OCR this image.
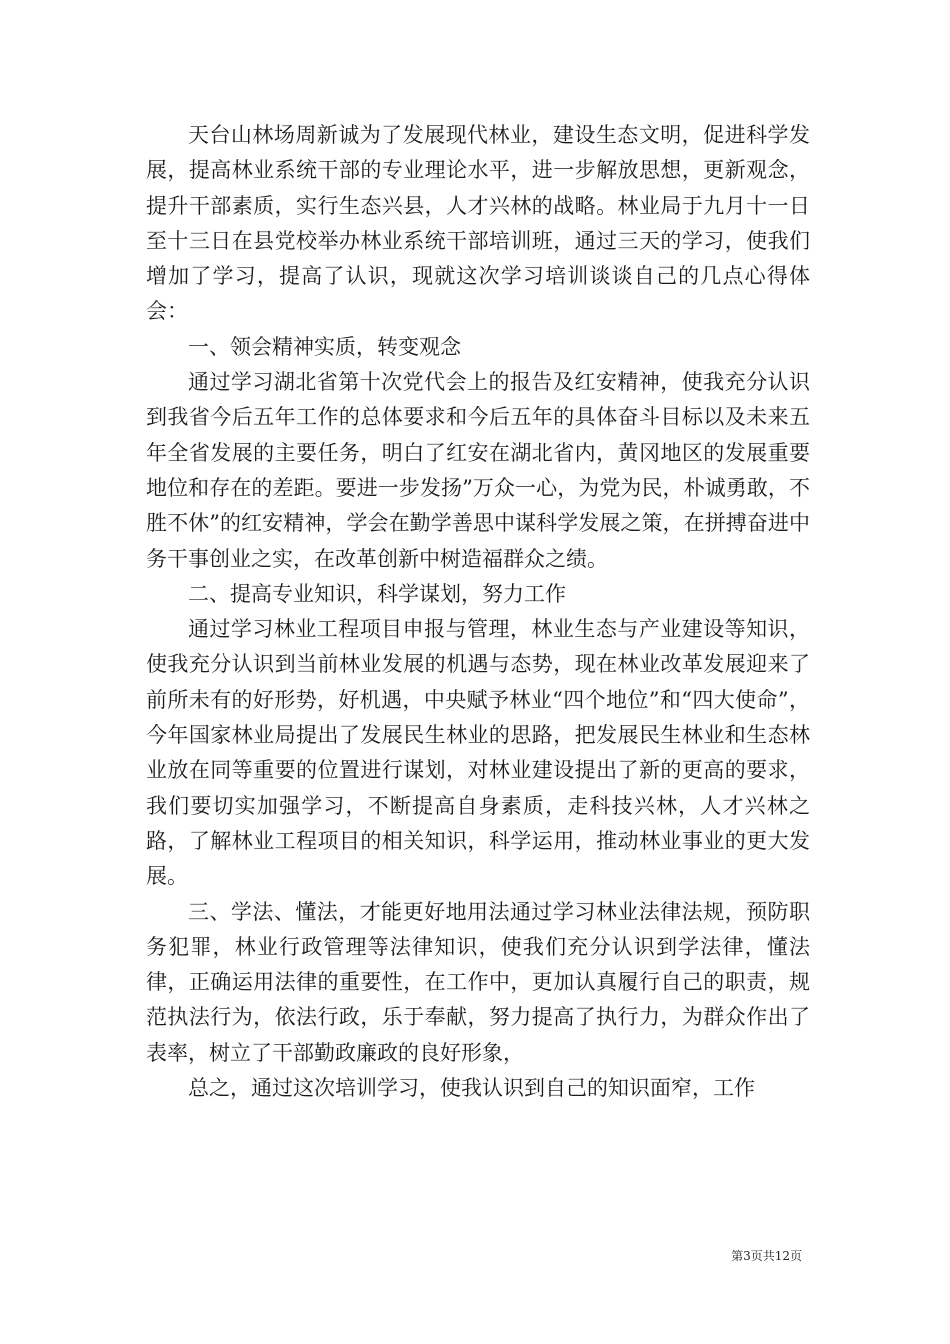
天台山林场周新诚为了发展现代林业，建设生态文明，促进科学发展，提高林业系统干部的专业理论水平，进一步解放思想，更新观念，提升干部素质，实行生态兴县，人才兴林的战略。林业局于九月十一日至十三日在县党校举办林业系统干部培训班，通过三天的学习，使我们增加了学习，提高了认识，现就这次学习培训谈谈自己的几点心得体会：

一、领会精神实质，转变观念

通过学习湖北省第十次党代会上的报告及红安精神，使我充分认识到我省今后五年工作的总体要求和今后五年的具体奋斗目标以及未来五年全省发展的主要任务，明白了红安在湖北省内，黄冈地区的发展重要地位和存在的差距。要进一步发扬”万众一心，为党为民，朴诚勇敢，不胜不休”的红安精神，学会在勤学善思中谋科学发展之策，在拼搏奋进中务干事创业之实，在改革创新中树造福群众之绩。

二、提高专业知识，科学谋划，努力工作

通过学习林业工程项目申报与管理，林业生态与产业建设等知识，使我充分认识到当前林业发展的机遇与态势，现在林业改革发展迎来了前所未有的好形势，好机遇，中央赋予林业“四个地位”和“四大使命”，今年国家林业局提出了发展民生林业的思路，把发展民生林业和生态林业放在同等重要的位置进行谋划，对林业建设提出了新的更高的要求，我们要切实加强学习，不断提高自身素质，走科技兴林，人才兴林之路，了解林业工程项目的相关知识，科学运用，推动林业事业的更大发展。

三、学法、懂法，才能更好地用法通过学习林业法律法规，预防职务犯罪，林业行政管理等法律知识，使我们充分认识到学法律，懂法律，正确运用法律的重要性，在工作中，更加认真履行自己的职责，规范执法行为，依法行政，乐于奉献，努力提高了执行力，为群众作出了表率，树立了干部勤政廉政的良好形象，

总之，通过这次培训学习，使我认识到自己的知识面窄，工作

第3页共12页
